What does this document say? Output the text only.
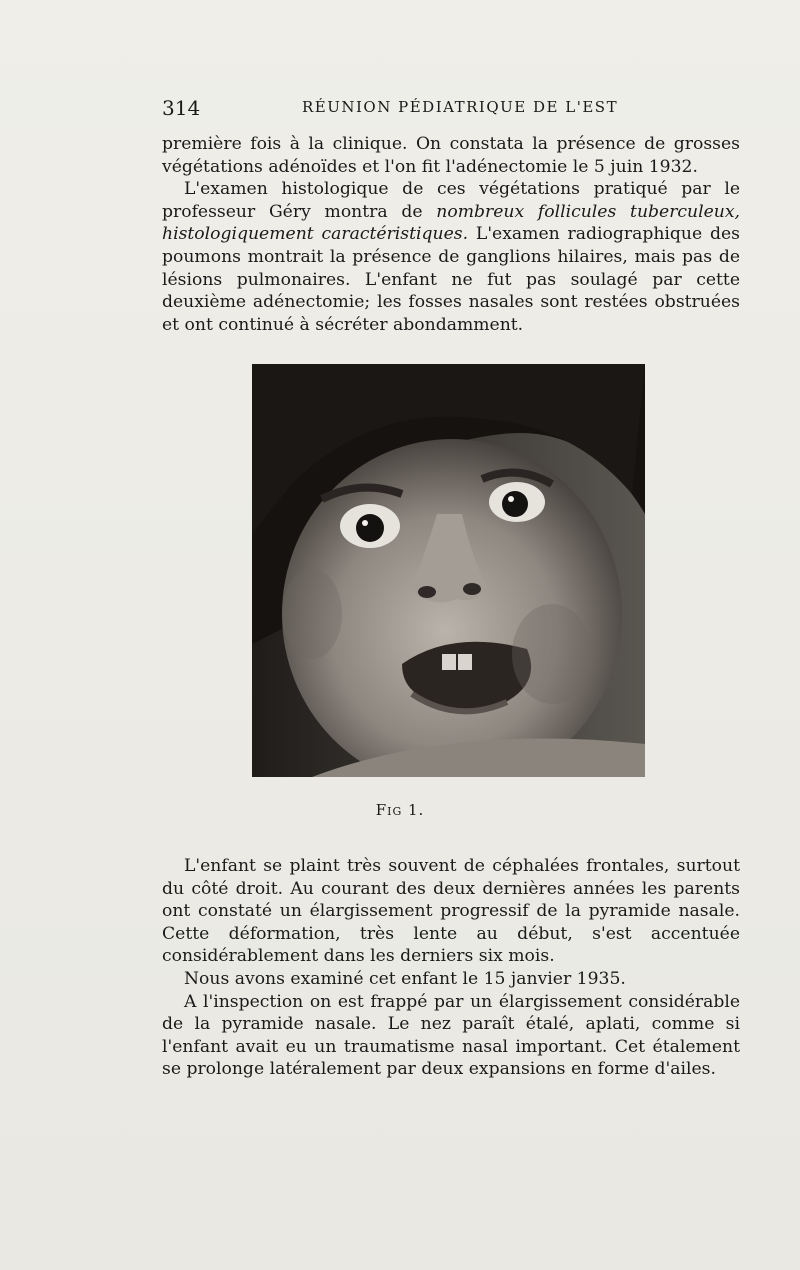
314	RÉUNION PÉDIATRIQUE DE L'EST

première fois à la clinique. On constata la présence de grosses végétations adénoïdes et l'on fit l'adénectomie le 5 juin 1932.

L'examen histologique de ces végétations pratiqué par le professeur Géry montra de nombreux follicules tuberculeux, histologiquement caractéristiques. L'examen radiographique des poumons montrait la présence de ganglions hilaires, mais pas de lésions pulmonaires. L'enfant ne fut pas soulagé par cette deuxième adénectomie; les fosses nasales sont restées obstruées et ont continué à sécréter abondamment.

Fig 1.

L'enfant se plaint très souvent de céphalées frontales, surtout du côté droit. Au courant des deux dernières années les parents ont constaté un élargissement progressif de la pyramide nasale. Cette déformation, très lente au début, s'est accentuée considérablement dans les derniers six mois.

Nous avons examiné cet enfant le 15 janvier 1935.

A l'inspection on est frappé par un élargissement considérable de la pyramide nasale. Le nez paraît étalé, aplati, comme si l'enfant avait eu un traumatisme nasal important. Cet étalement se prolonge latéralement par deux expansions en forme d'ailes.
